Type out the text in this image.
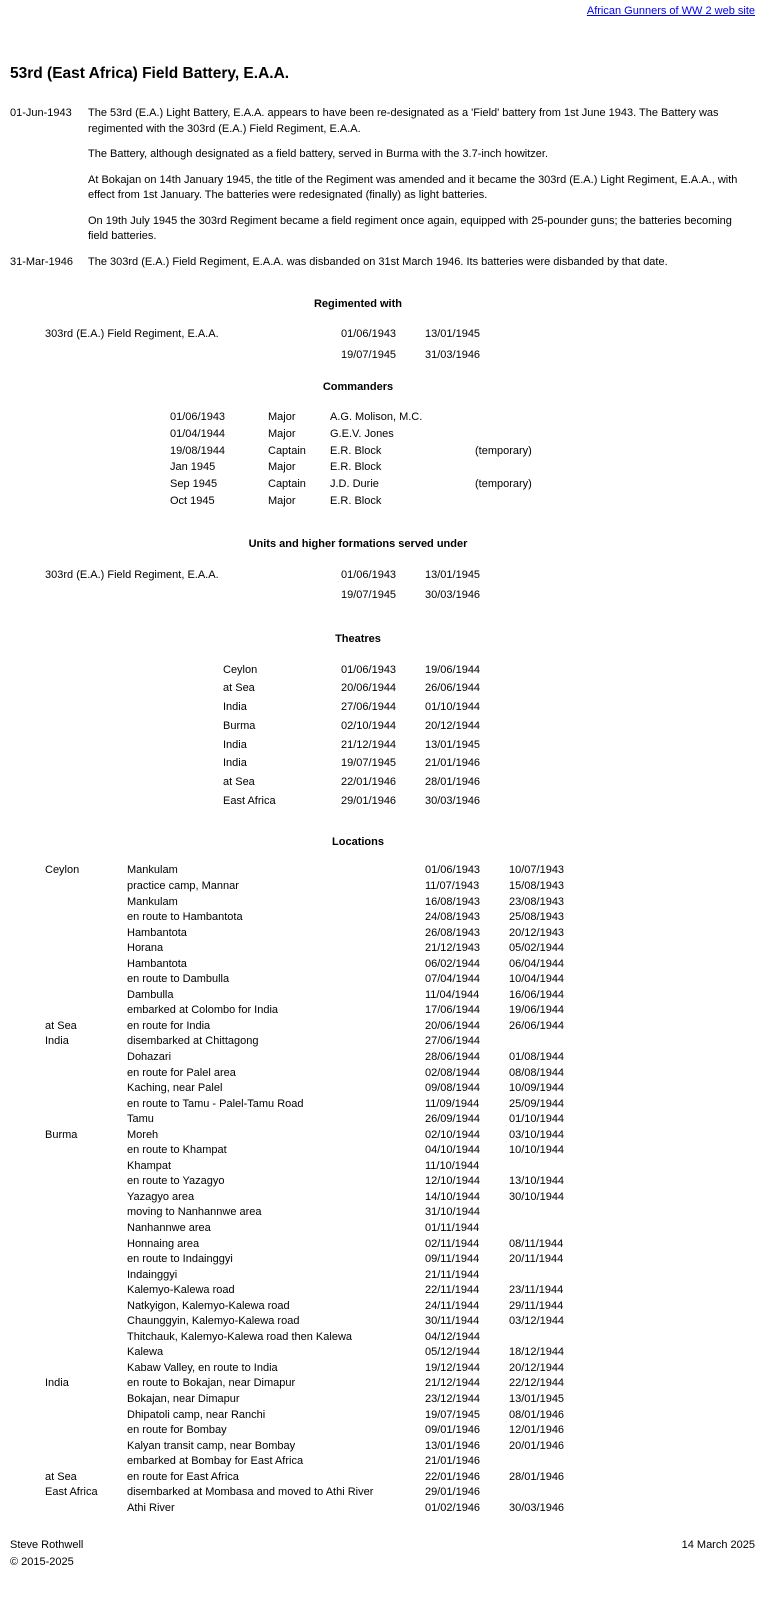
African Gunners of WW 2 web site
53rd (East Africa) Field Battery, E.A.A.
01-Jun-1943	The 53rd (E.A.) Light Battery, E.A.A. appears to have been re-designated as a 'Field' battery from 1st June 1943. The Battery was regimented with the 303rd (E.A.) Field Regiment, E.A.A.

The Battery, although designated as a field battery, served in Burma with the 3.7-inch howitzer.

At Bokajan on 14th January 1945, the title of the Regiment was amended and it became the 303rd (E.A.) Light Regiment, E.A.A., with effect from 1st January. The batteries were redesignated (finally) as light batteries.

On 19th July 1945 the 303rd Regiment became a field regiment once again, equipped with 25-pounder guns; the batteries becoming field batteries.

31-Mar-1946	The 303rd (E.A.) Field Regiment, E.A.A. was disbanded on 31st March 1946. Its batteries were disbanded by that date.

Regimented with
303rd (E.A.) Field Regiment, E.A.A.	01/06/1943	13/01/1945
19/07/1945	31/03/1946
Commanders
01/06/1943	Major	A.G. Molison, M.C.
01/04/1944	Major	G.E.V. Jones
19/08/1944	Captain	E.R. Block	(temporary)
Jan 1945	Major	E.R. Block
Sep 1945	Captain	J.D. Durie	(temporary)
Oct 1945	Major	E.R. Block
Units and higher formations served under
303rd (E.A.) Field Regiment, E.A.A.	01/06/1943	13/01/1945
19/07/1945	30/03/1946
Theatres
Ceylon	01/06/1943	19/06/1944
at Sea	20/06/1944	26/06/1944
India	27/06/1944	01/10/1944
Burma	02/10/1944	20/12/1944
India	21/12/1944	13/01/1945
India	19/07/1945	21/01/1946
at Sea	22/01/1946	28/01/1946
East Africa	29/01/1946	30/03/1946
Locations
Ceylon	Mankulam	01/06/1943	10/07/1943
practice camp, Mannar	11/07/1943	15/08/1943
Mankulam	16/08/1943	23/08/1943
en route to Hambantota	24/08/1943	25/08/1943
Hambantota	26/08/1943	20/12/1943
Horana	21/12/1943	05/02/1944
Hambantota	06/02/1944	06/04/1944
en route to Dambulla	07/04/1944	10/04/1944
Dambulla	11/04/1944	16/06/1944
embarked at Colombo for India	17/06/1944	19/06/1944
at Sea	en route for India	20/06/1944	26/06/1944
India	disembarked at Chittagong	27/06/1944
Dohazari	28/06/1944	01/08/1944
en route for Palel area	02/08/1944	08/08/1944
Kaching, near Palel	09/08/1944	10/09/1944
en route to Tamu - Palel-Tamu Road	11/09/1944	25/09/1944
Tamu	26/09/1944	01/10/1944
Burma	Moreh	02/10/1944	03/10/1944
en route to Khampat	04/10/1944	10/10/1944
Khampat	11/10/1944
en route to Yazagyo	12/10/1944	13/10/1944
Yazagyo area	14/10/1944	30/10/1944
moving to Nanhannwe area	31/10/1944
Nanhannwe area	01/11/1944
Honnaing area	02/11/1944	08/11/1944
en route to Indainggyi	09/11/1944	20/11/1944
Indainggyi	21/11/1944
Kalemyo-Kalewa road	22/11/1944	23/11/1944
Natkyigon, Kalemyo-Kalewa road	24/11/1944	29/11/1944
Chaunggyin, Kalemyo-Kalewa road	30/11/1944	03/12/1944
Thitchauk, Kalemyo-Kalewa road then Kalewa	04/12/1944
Kalewa	05/12/1944	18/12/1944
Kabaw Valley, en route to India	19/12/1944	20/12/1944
India	en route to Bokajan, near Dimapur	21/12/1944	22/12/1944
Bokajan, near Dimapur	23/12/1944	13/01/1945
Dhipatoli camp, near Ranchi	19/07/1945	08/01/1946
en route for Bombay	09/01/1946	12/01/1946
Kalyan transit camp, near Bombay	13/01/1946	20/01/1946
embarked at Bombay for East Africa	21/01/1946
at Sea	en route for East Africa	22/01/1946	28/01/1946
East Africa	disembarked at Mombasa and moved to Athi River	29/01/1946
Athi River	01/02/1946	30/03/1946
Steve Rothwell
© 2015-2025
14 March 2025
